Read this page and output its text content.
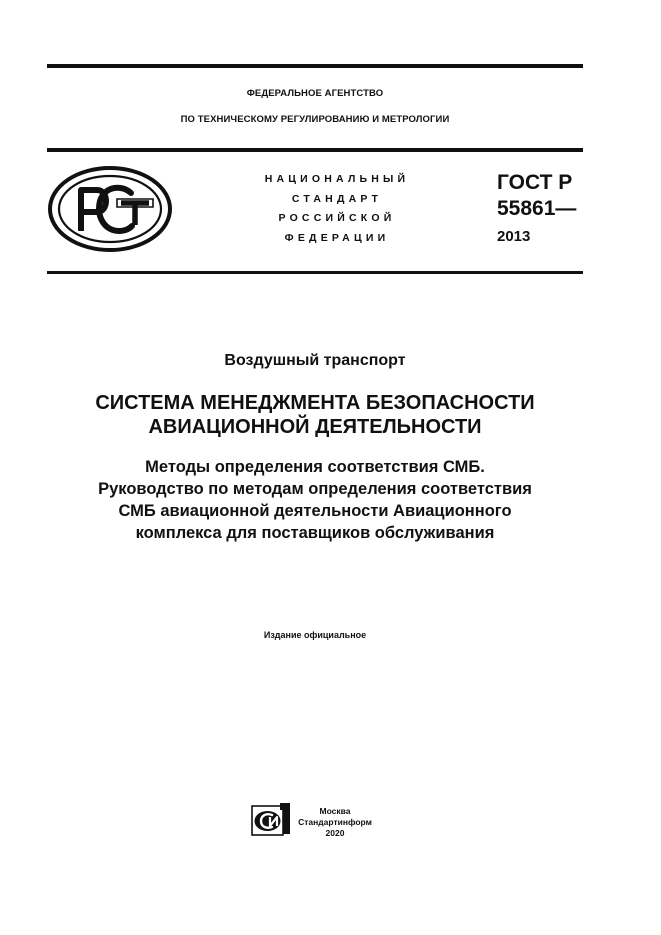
ФЕДЕРАЛЬНОЕ АГЕНТСТВО
ПО ТЕХНИЧЕСКОМУ РЕГУЛИРОВАНИЮ И МЕТРОЛОГИИ
НАЦИОНАЛЬНЫЙ
СТАНДАРТ
РОССИЙСКОЙ
ФЕДЕРАЦИИ
ГОСТ Р
55861—
2013
Воздушный транспорт
СИСТЕМА МЕНЕДЖМЕНТА БЕЗОПАСНОСТИ
АВИАЦИОННОЙ ДЕЯТЕЛЬНОСТИ
Методы определения соответствия СМБ.
Руководство по методам определения соответствия
СМБ авиационной деятельности Авиационного
комплекса для поставщиков обслуживания
Издание официальное
Москва
Стандартинформ
2020
